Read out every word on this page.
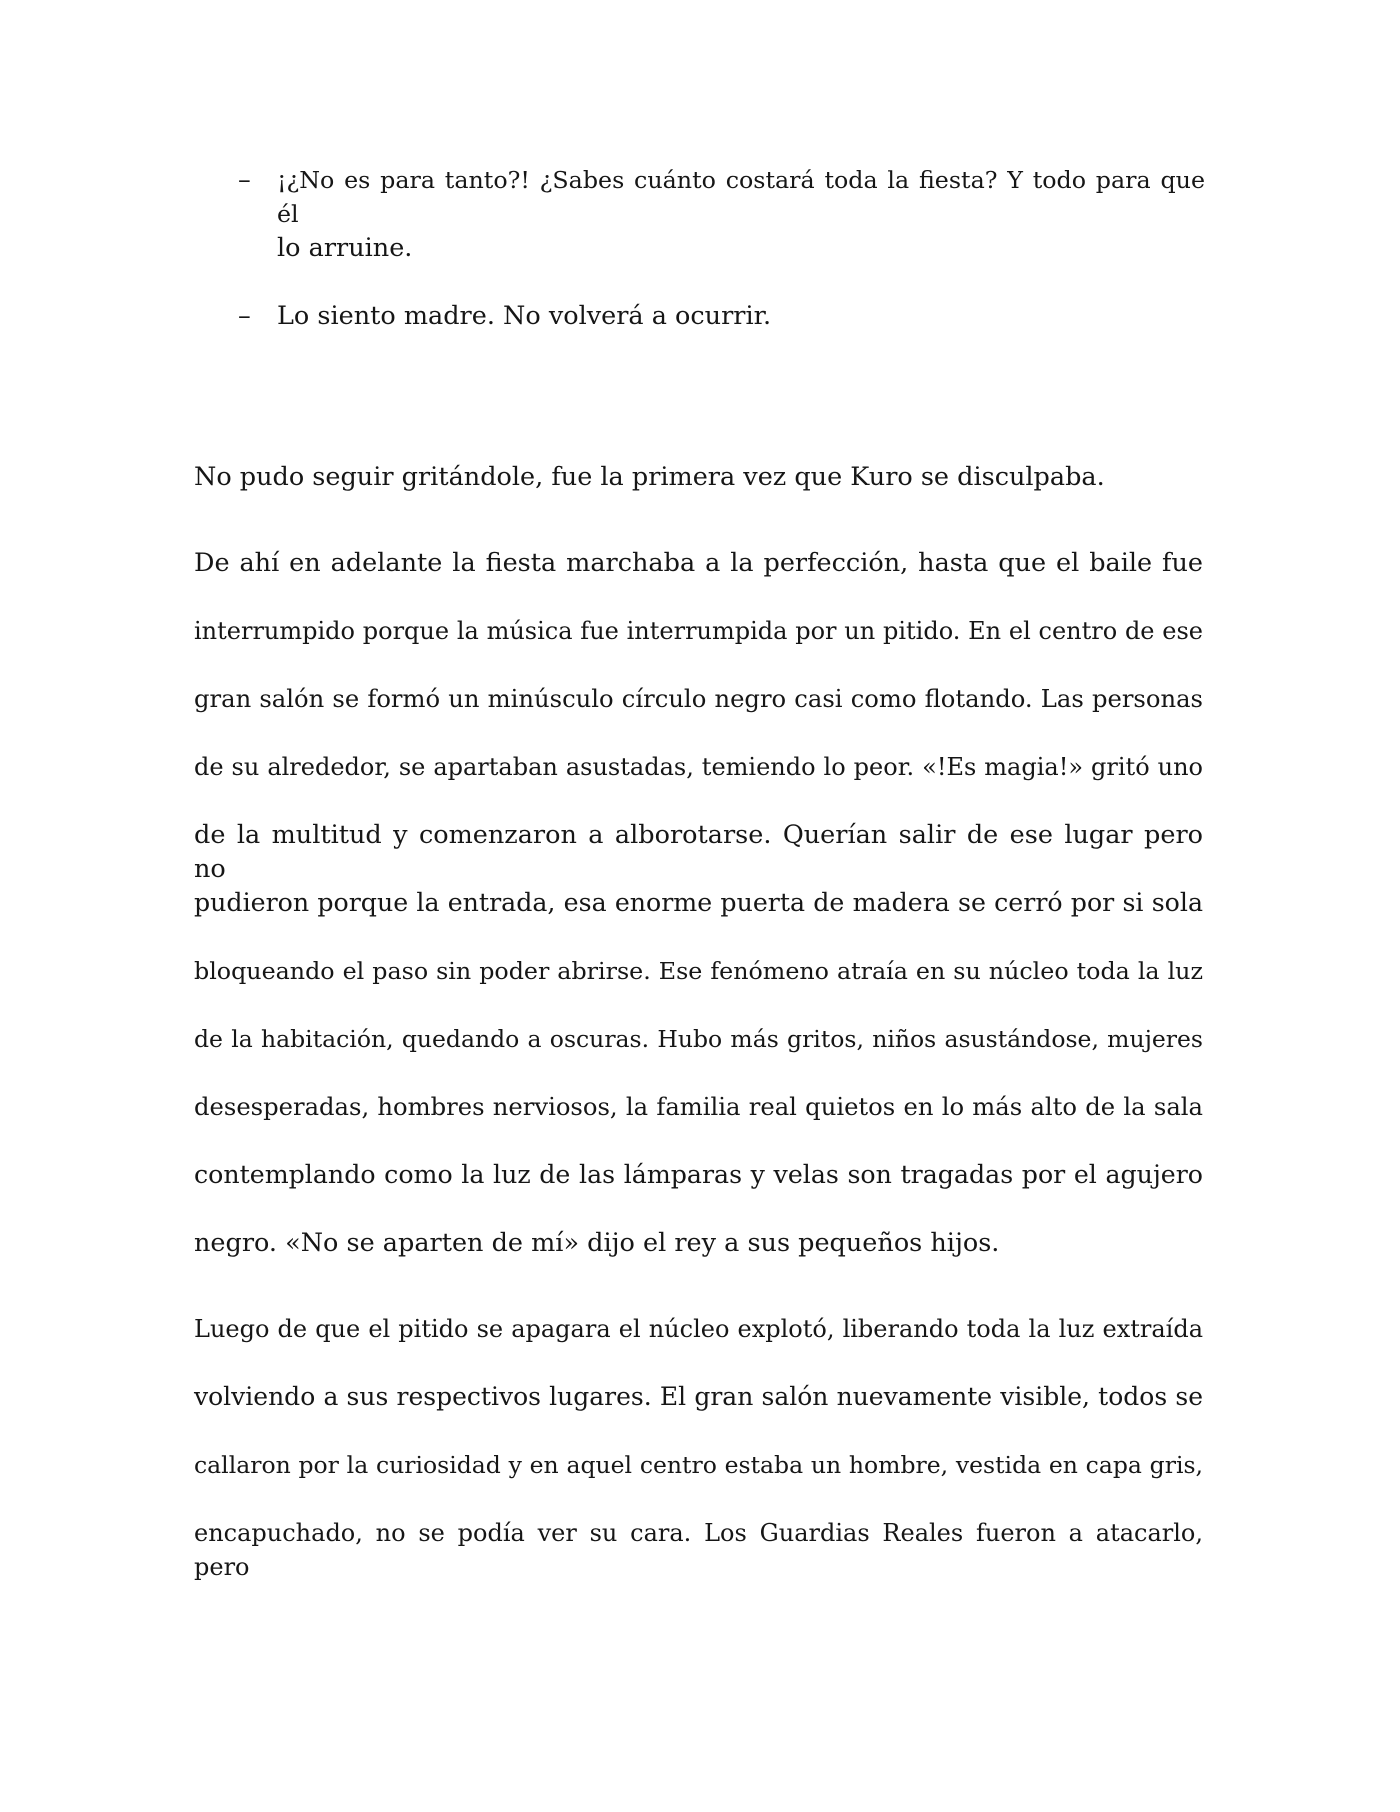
– ¡¿No es para tanto?! ¿Sabes cuánto costará toda la fiesta? Y todo para que él
lo arruine.
– Lo siento madre. No volverá a ocurrir.
No pudo seguir gritándole, fue la primera vez que Kuro se disculpaba.
De ahí en adelante la fiesta marchaba a la perfección, hasta que el baile fue
interrumpido porque la música fue interrumpida por un pitido. En el centro de ese
gran salón se formó un minúsculo círculo negro casi como flotando. Las personas
de su alrededor, se apartaban asustadas, temiendo lo peor. «!Es magia!» gritó uno
de la multitud y comenzaron a alborotarse. Querían salir de ese lugar pero no
pudieron porque la entrada, esa enorme puerta de madera se cerró por si sola
bloqueando el paso sin poder abrirse. Ese fenómeno atraía en su núcleo toda la luz
de la habitación, quedando a oscuras. Hubo más gritos, niños asustándose, mujeres
desesperadas, hombres nerviosos, la familia real quietos en lo más alto de la sala
contemplando como la luz de las lámparas y velas son tragadas por el agujero
negro. «No se aparten de mí» dijo el rey a sus pequeños hijos.
Luego de que el pitido se apagara el núcleo explotó, liberando toda la luz extraída
volviendo a sus respectivos lugares. El gran salón nuevamente visible, todos se
callaron por la curiosidad y en aquel centro estaba un hombre, vestida en capa gris,
encapuchado, no se podía ver su cara. Los Guardias Reales fueron a atacarlo, pero
